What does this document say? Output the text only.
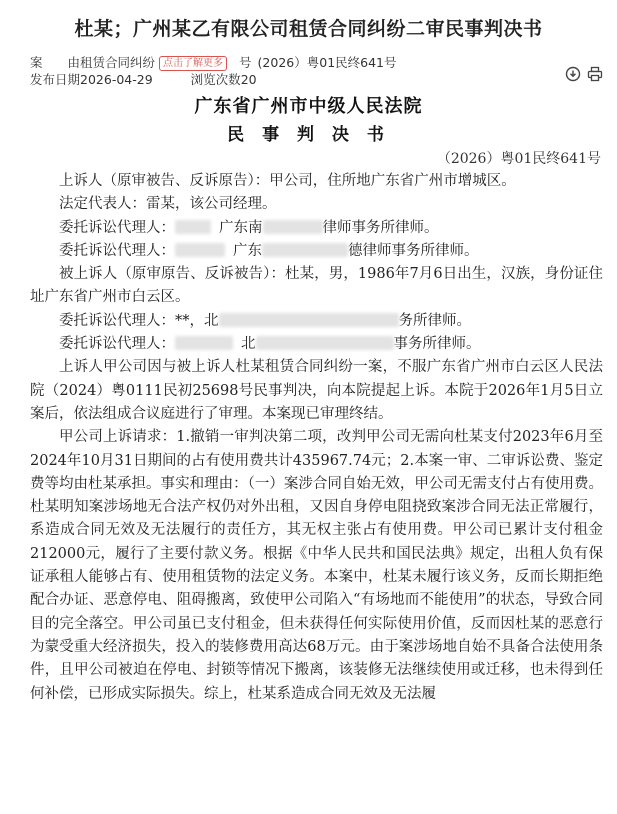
杜某；广州某乙有限公司租赁合同纠纷二审民事判决书
案　　由租赁合同纠纷 点击了解更多 号 (2026）粤01民终641号
发布日期2026-04-29	浏览次数20
广东省广州市中级人民法院
民 事 判 决 书
（2026）粤01民终641号

上诉人（原审被告、反诉原告）：甲公司，住所地广东省广州市增城区。

法定代表人：雷某，该公司经理。

委托诉讼代理人：	广东南	律师事务所律师。

委托诉讼代理人：	广东	德律师事务所律师。

被上诉人（原审原告、反诉被告）：杜某，男，1986年7月6日出生，汉族，身份证住址广东省广州市白云区。

委托诉讼代理人：**，北	务所律师。

委托诉讼代理人：	北	事务所律师。

上诉人甲公司因与被上诉人杜某租赁合同纠纷一案，不服广东省广州市白云区人民法院（2024）粤0111民初25698号民事判决，向本院提起上诉。本院于2026年1月5日立案后，依法组成合议庭进行了审理。本案现已审理终结。

甲公司上诉请求：1.撤销一审判决第二项，改判甲公司无需向杜某支付2023年6月至2024年10月31日期间的占有使用费共计435967.74元；2.本案一审、二审诉讼费、鉴定费等均由杜某承担。事实和理由：（一）案涉合同自始无效，甲公司无需支付占有使用费。杜某明知案涉场地无合法产权仍对外出租，又因自身停电阻挠致案涉合同无法正常履行，系造成合同无效及无法履行的责任方，其无权主张占有使用费。甲公司已累计支付租金212000元，履行了主要付款义务。根据《中华人民共和国民法典》规定，出租人负有保证承租人能够占有、使用租赁物的法定义务。本案中，杜某未履行该义务，反而长期拒绝配合办证、恶意停电、阻碍搬离，致使甲公司陷入“有场地而不能使用”的状态，导致合同目的完全落空。甲公司虽已支付租金，但未获得任何实际使用价值，反而因杜某的恶意行为蒙受重大经济损失，投入的装修费用高达68万元。由于案涉场地自始不具备合法使用条件，且甲公司被迫在停电、封锁等情况下搬离，该装修无法继续使用或迁移，也未得到任何补偿，已形成实际损失。综上，杜某系造成合同无效及无法履
